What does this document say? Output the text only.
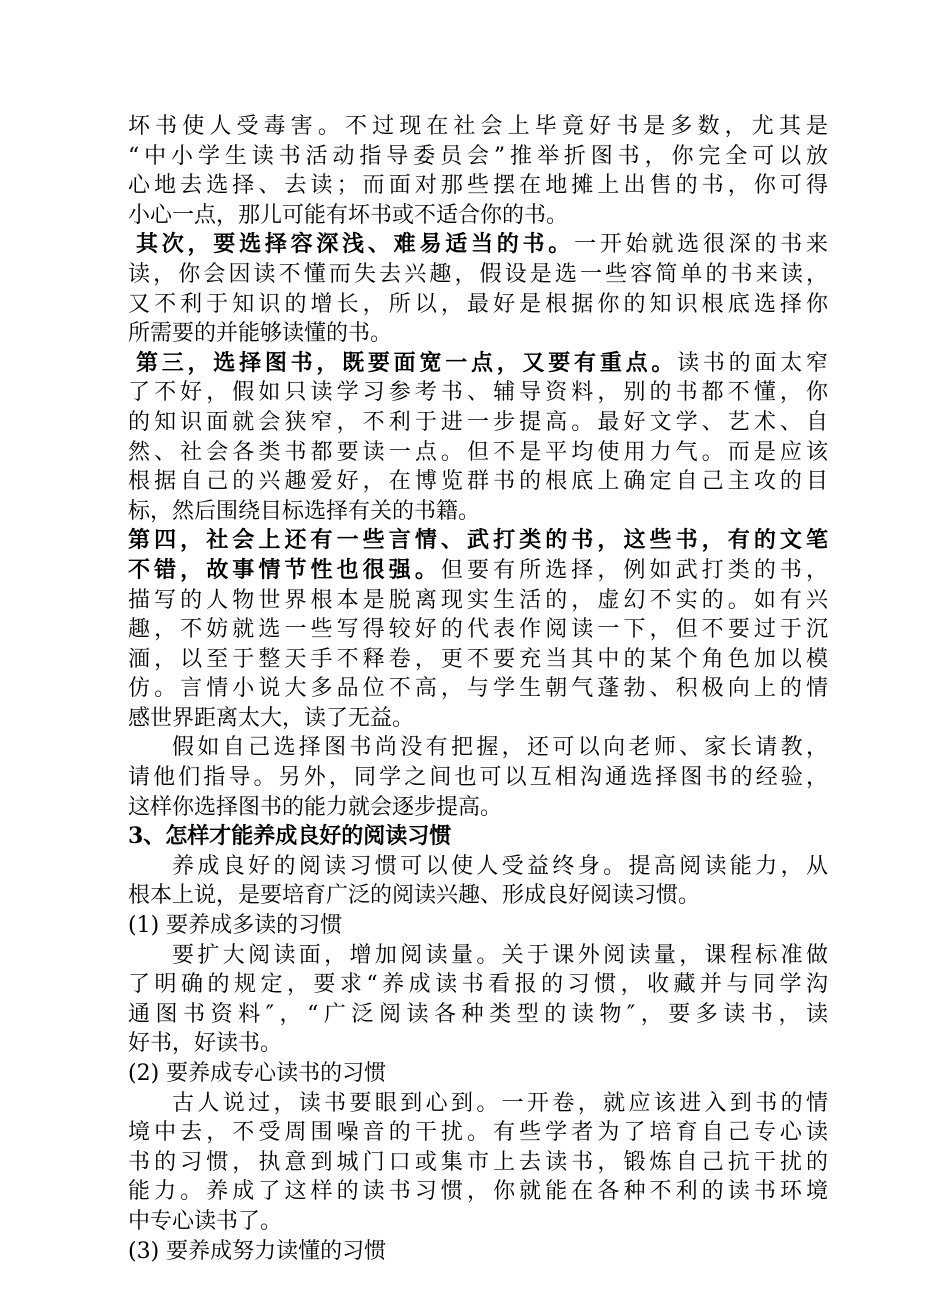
坏书使人受毒害。不过现在社会上毕竟好书是多数，尤其是
“中小学生读书活动指导委员会”推举折图书，你完全可以放
心地去选择、去读；而面对那些摆在地摊上出售的书，你可得
小心一点，那儿可能有坏书或不适合你的书。
其次，要选择容深浅、难易适当的书。一开始就选很深的书来
读，你会因读不懂而失去兴趣，假设是选一些容简单的书来读，
又不利于知识的增长，所以，最好是根据你的知识根底选择你
所需要的并能够读懂的书。
第三，选择图书，既要面宽一点，又要有重点。读书的面太窄
了不好，假如只读学习参考书、辅导资料，别的书都不懂，你
的知识面就会狭窄，不利于进一步提高。最好文学、艺术、自
然、社会各类书都要读一点。但不是平均使用力气。而是应该
根据自己的兴趣爱好，在博览群书的根底上确定自己主攻的目
标，然后围绕目标选择有关的书籍。
第四，社会上还有一些言情、武打类的书，这些书，有的文笔
不错，故事情节性也很强。但要有所选择，例如武打类的书，
描写的人物世界根本是脱离现实生活的，虚幻不实的。如有兴
趣，不妨就选一些写得较好的代表作阅读一下，但不要过于沉
湎，以至于整天手不释卷，更不要充当其中的某个角色加以模
仿。言情小说大多品位不高，与学生朝气蓬勃、积极向上的情
感世界距离太大，读了无益。
假如自己选择图书尚没有把握，还可以向老师、家长请教，
请他们指导。另外，同学之间也可以互相沟通选择图书的经验，
这样你选择图书的能力就会逐步提高。
3、怎样才能养成良好的阅读习惯
养成良好的阅读习惯可以使人受益终身。提高阅读能力，从
根本上说，是要培育广泛的阅读兴趣、形成良好阅读习惯。
(1) 要养成多读的习惯
要扩大阅读面，增加阅读量。关于课外阅读量，课程标准做
了明确的规定，要求“养成读书看报的习惯，收藏并与同学沟
通图书资料″，“广泛阅读各种类型的读物″，要多读书，读
好书，好读书。
(2) 要养成专心读书的习惯
古人说过，读书要眼到心到。一开卷，就应该进入到书的情
境中去，不受周围噪音的干扰。有些学者为了培育自己专心读
书的习惯，执意到城门口或集市上去读书，锻炼自己抗干扰的
能力。养成了这样的读书习惯，你就能在各种不利的读书环境
中专心读书了。
(3) 要养成努力读懂的习惯
